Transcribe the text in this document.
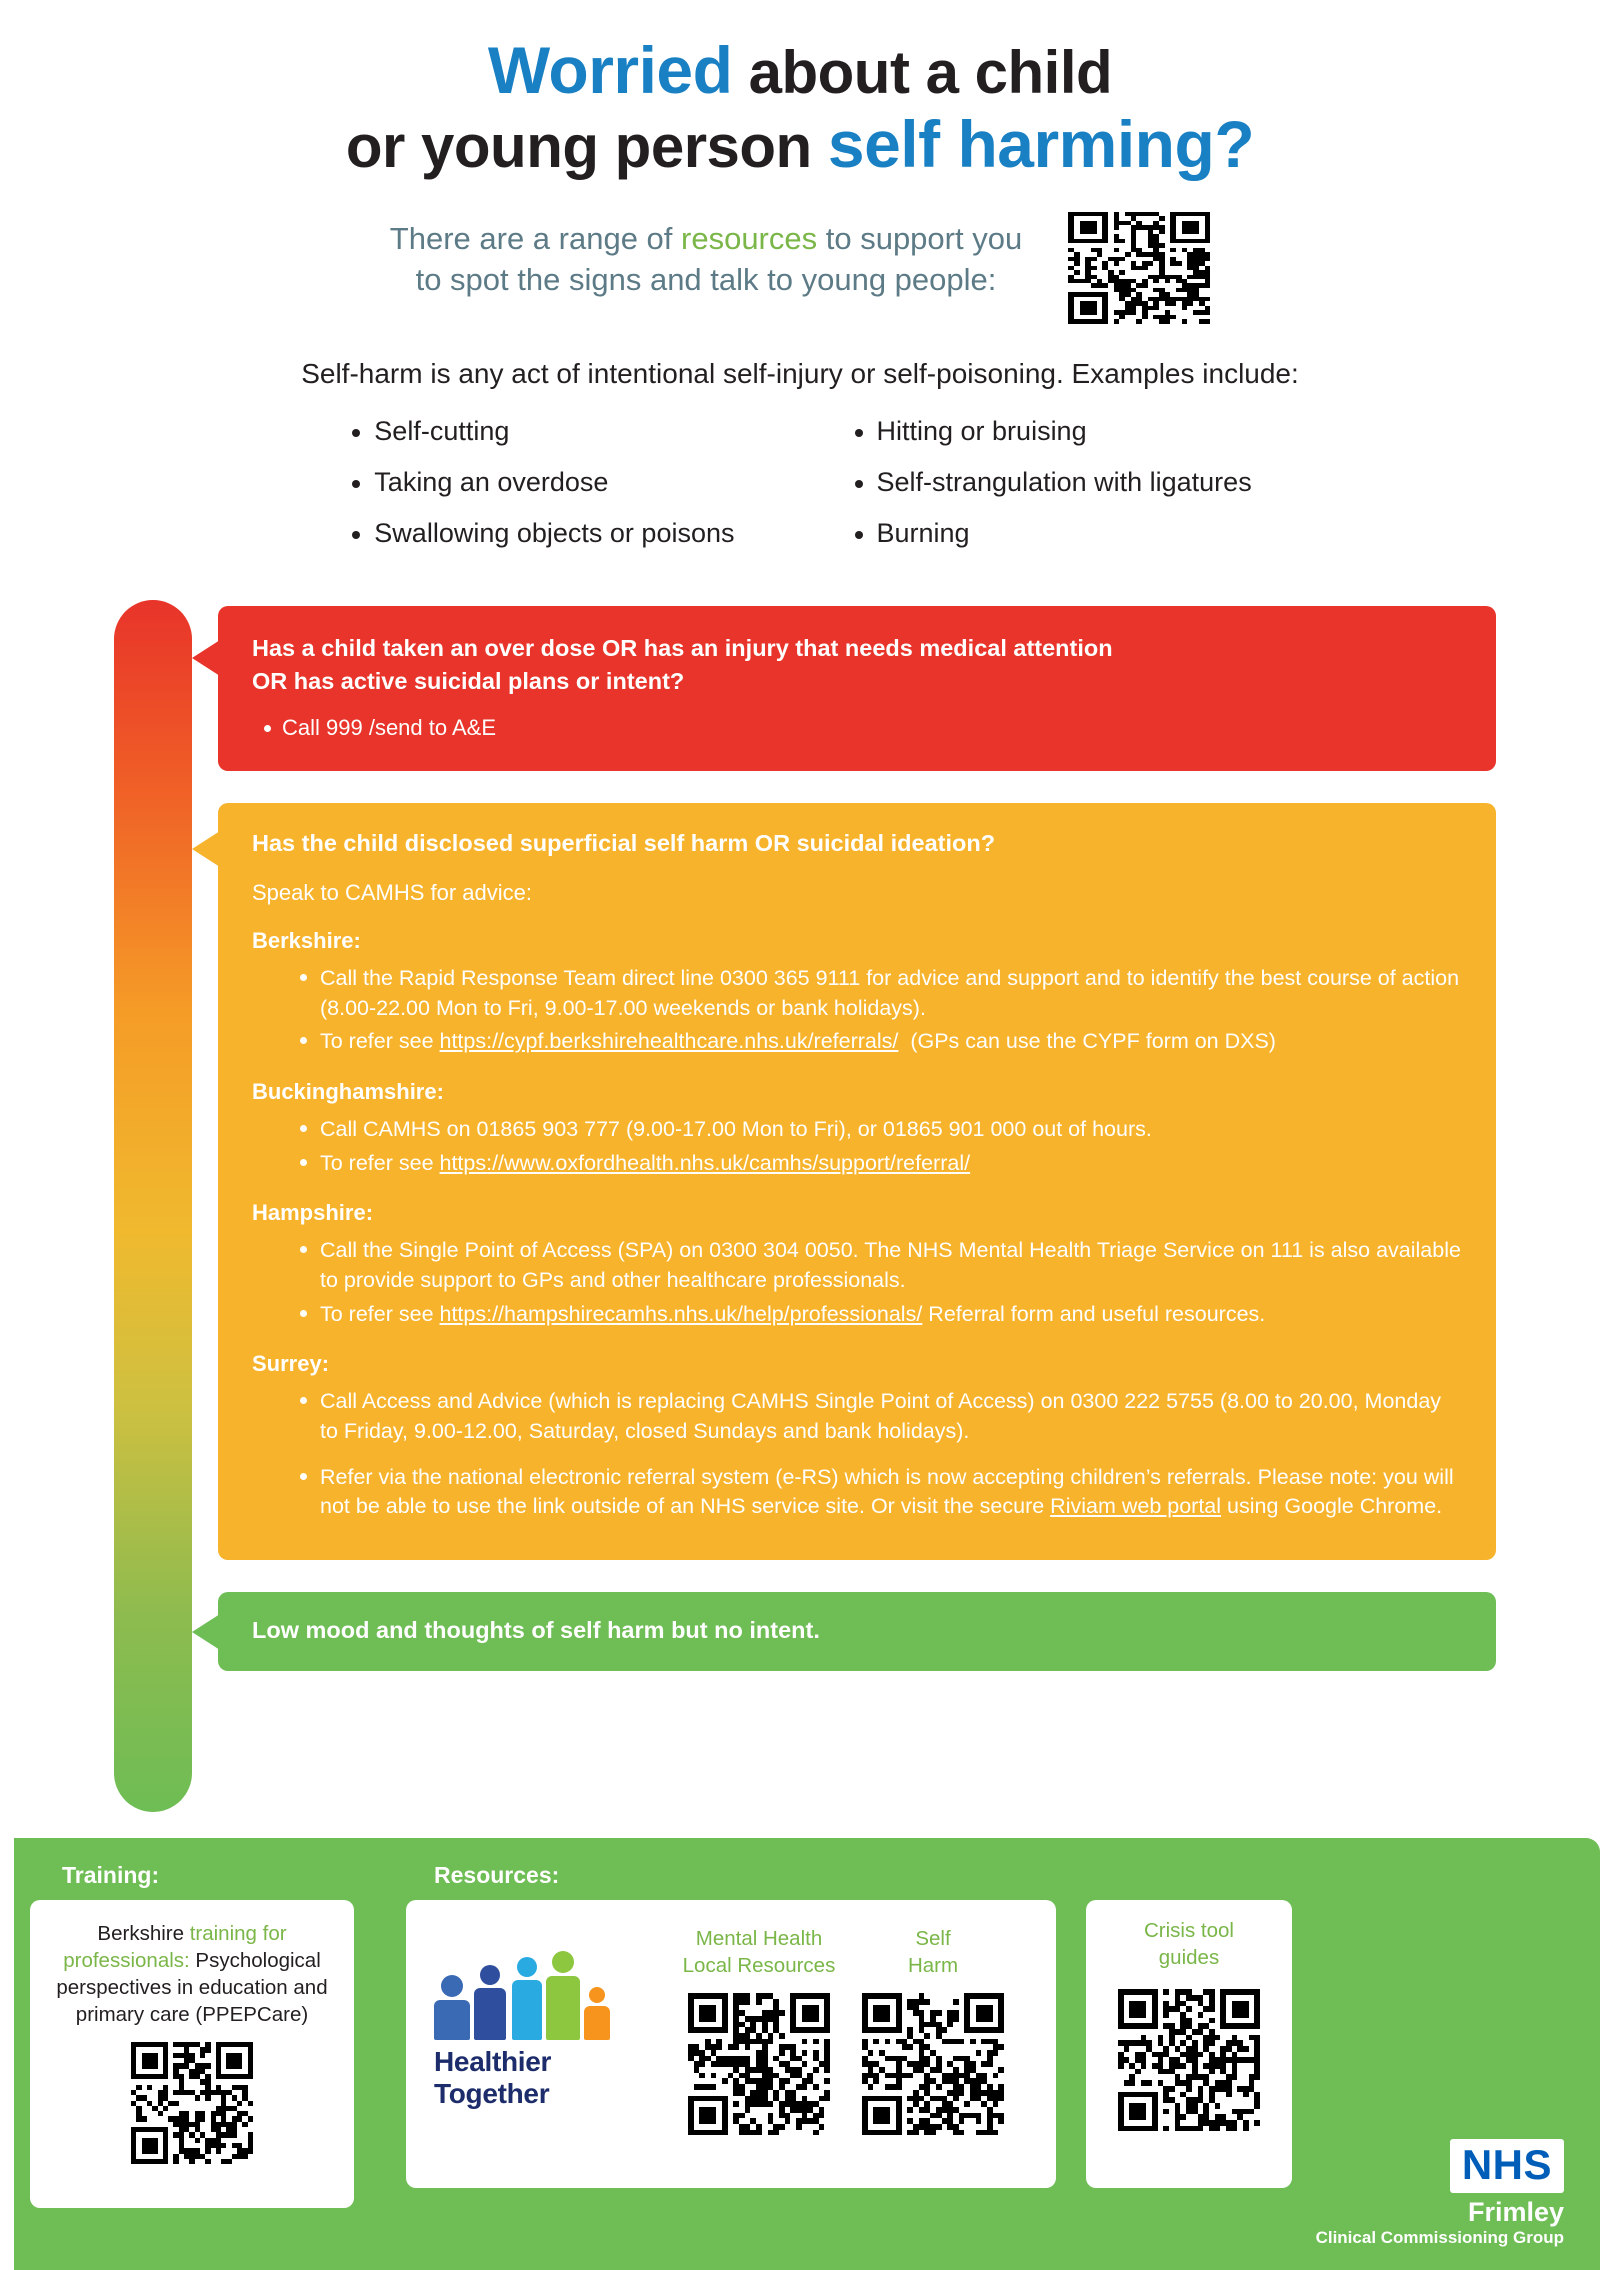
Worried about a child
or young person self harming?
There are a range of resources to support you
to spot the signs and talk to young people:
Self-harm is any act of intentional self-injury or self-poisoning. Examples include:
Self-cutting
Taking an overdose
Swallowing objects or poisons
Hitting or bruising
Self-strangulation with ligatures
Burning
Has a child taken an over dose OR has an injury that needs medical attention
OR has active suicidal plans or intent?
Call 999 /send to A&E
Has the child disclosed superficial self harm OR suicidal ideation?
Speak to CAMHS for advice:
Berkshire:
Call the Rapid Response Team direct line 0300 365 9111 for advice and support and to identify the best course of action (8.00-22.00 Mon to Fri, 9.00-17.00 weekends or bank holidays).
To refer see https://cypf.berkshirehealthcare.nhs.uk/referrals/  (GPs can use the CYPF form on DXS)
Buckinghamshire:
Call CAMHS on 01865 903 777 (9.00-17.00 Mon to Fri), or 01865 901 000 out of hours.
To refer see https://www.oxfordhealth.nhs.uk/camhs/support/referral/
Hampshire:
Call the Single Point of Access (SPA) on 0300 304 0050. The NHS Mental Health Triage Service on 111 is also available to provide support to GPs and other healthcare professionals.
To refer see https://hampshirecamhs.nhs.uk/help/professionals/ Referral form and useful resources.
Surrey:
Call Access and Advice (which is replacing CAMHS Single Point of Access) on 0300 222 5755 (8.00 to 20.00, Monday to Friday, 9.00-12.00, Saturday, closed Sundays and bank holidays).
Refer via the national electronic referral system (e-RS) which is now accepting children’s referrals. Please note: you will not be able to use the link outside of an NHS service site. Or visit the secure Riviam web portal using Google Chrome.
Low mood and thoughts of self harm but no intent.
Training:	Resources:
Berkshire training for professionals: Psychological perspectives in education and primary care (PPEPCare)
Healthier Together
Mental Health
Local Resources
Self
Harm
Crisis tool
guides
NHS
Frimley
Clinical Commissioning Group
